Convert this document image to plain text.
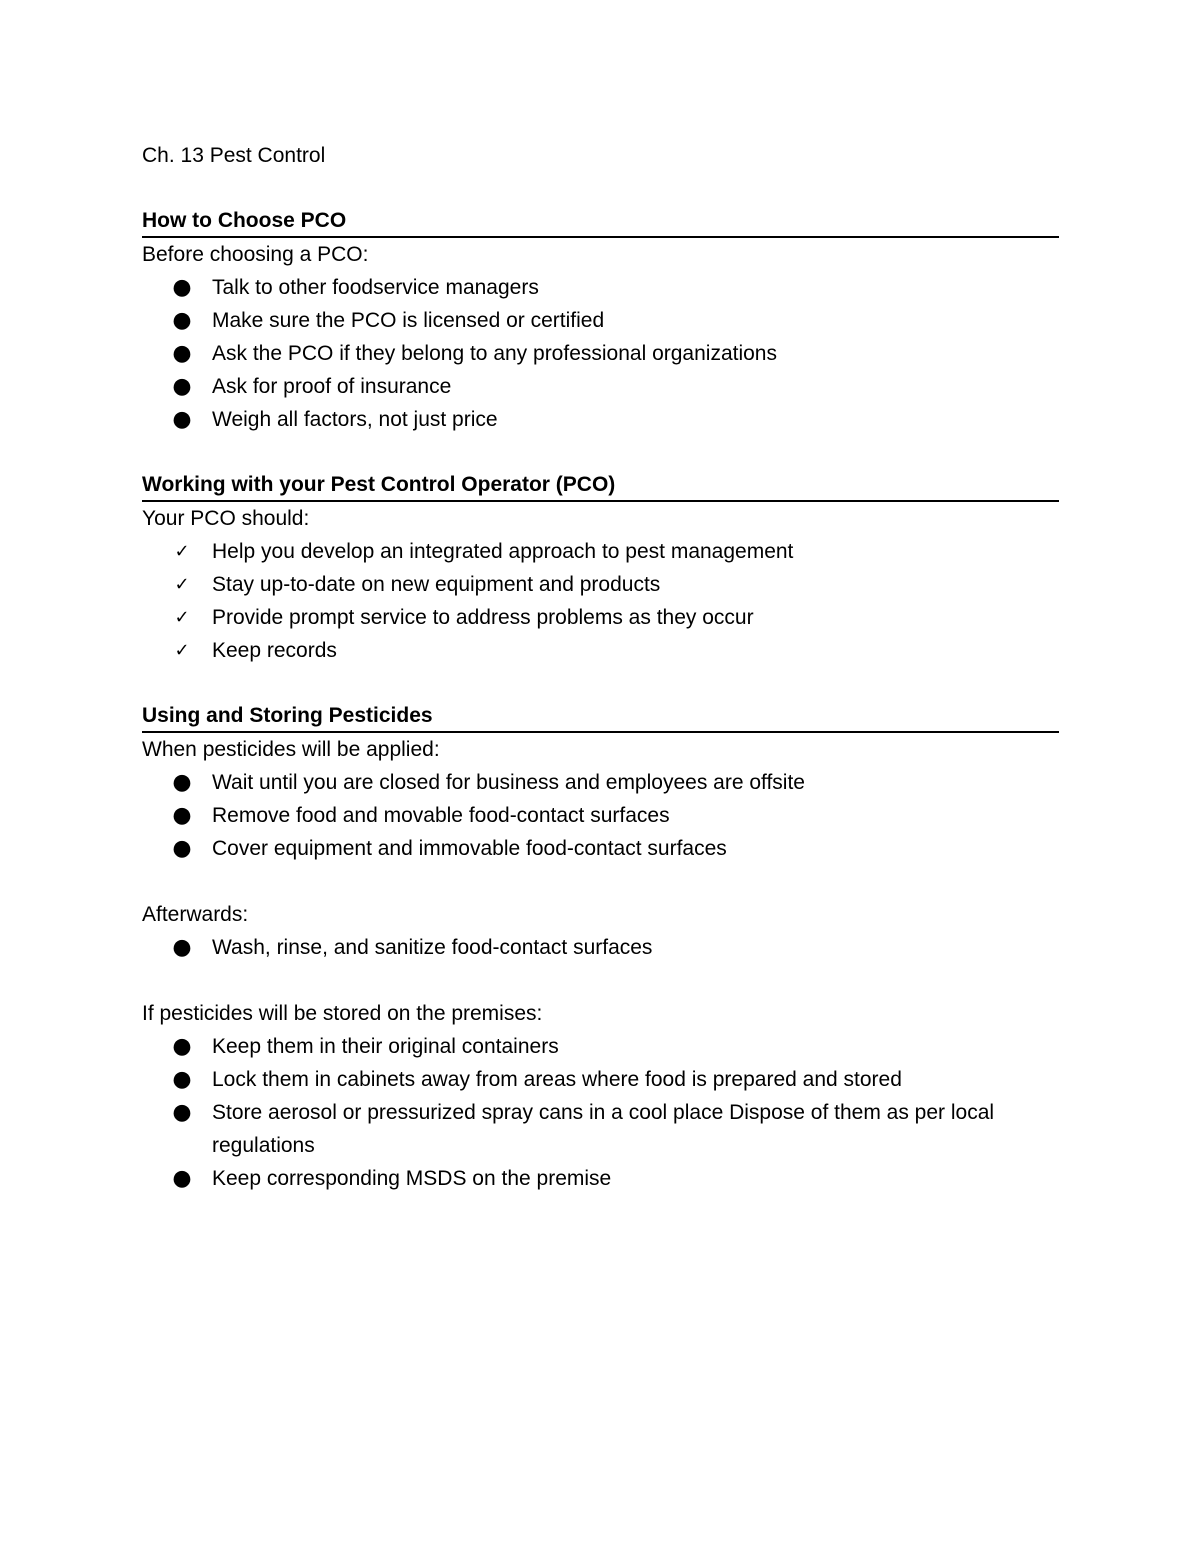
Ch. 13 Pest Control
How to Choose PCO

Before choosing a PCO:

● Talk to other foodservice managers
● Make sure the PCO is licensed or certified
● Ask the PCO if they belong to any professional organizations
● Ask for proof of insurance
● Weigh all factors, not just price
Working with your Pest Control Operator (PCO)

Your PCO should:

✓ Help you develop an integrated approach to pest management
✓ Stay up-to-date on new equipment and products
✓ Provide prompt service to address problems as they occur
✓ Keep records
Using and Storing Pesticides

When pesticides will be applied:

● Wait until you are closed for business and employees are offsite
● Remove food and movable food-contact surfaces
● Cover equipment and immovable food-contact surfaces

Afterwards:

● Wash, rinse, and sanitize food-contact surfaces

If pesticides will be stored on the premises:

● Keep them in their original containers
● Lock them in cabinets away from areas where food is prepared and stored
● Store aerosol or pressurized spray cans in a cool place Dispose of them as per local regulations
● Keep corresponding MSDS on the premise
